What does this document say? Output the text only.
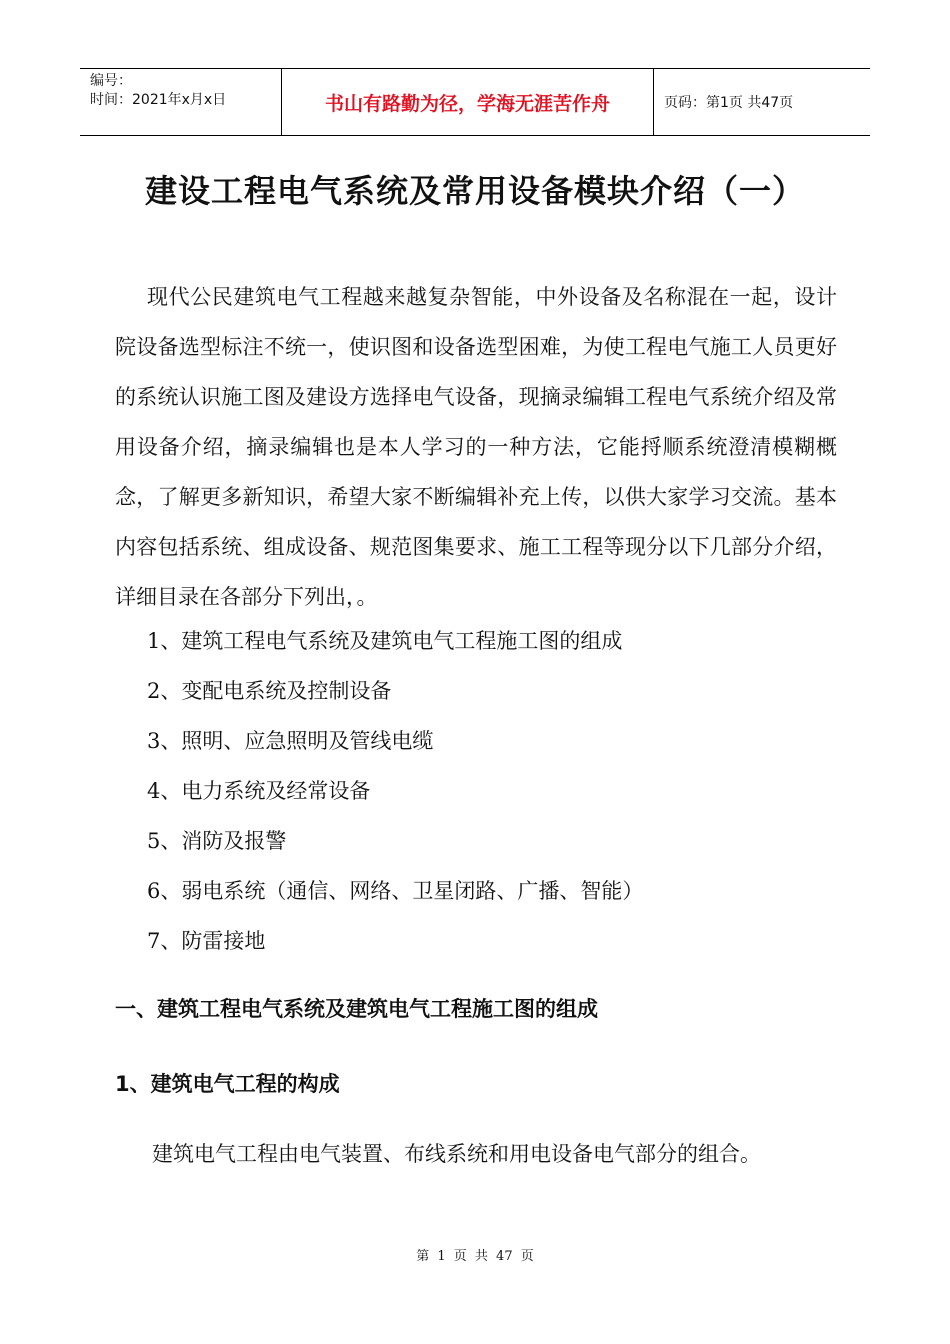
编号：
时间：2021年x月x日	书山有路勤为径，学海无涯苦作舟	页码：第1页 共47页
建设工程电气系统及常用设备模块介绍（一）

现代公民建筑电气工程越来越复杂智能，中外设备及名称混在一起，设计院设备选型标注不统一，使识图和设备选型困难，为使工程电气施工人员更好的系统认识施工图及建设方选择电气设备，现摘录编辑工程电气系统介绍及常用设备介绍，摘录编辑也是本人学习的一种方法，它能捋顺系统澄清模糊概念，了解更多新知识，希望大家不断编辑补充上传，以供大家学习交流。基本内容包括系统、组成设备、规范图集要求、施工工程等现分以下几部分介绍，详细目录在各部分下列出，。

1、建筑工程电气系统及建筑电气工程施工图的组成
2、变配电系统及控制设备
3、照明、应急照明及管线电缆
4、电力系统及经常设备
5、消防及报警
6、弱电系统（通信、网络、卫星闭路、广播、智能）
7、防雷接地
一、建筑工程电气系统及建筑电气工程施工图的组成
1、建筑电气工程的构成

建筑电气工程由电气装置、布线系统和用电设备电气部分的组合。

第 1 页 共 47 页
